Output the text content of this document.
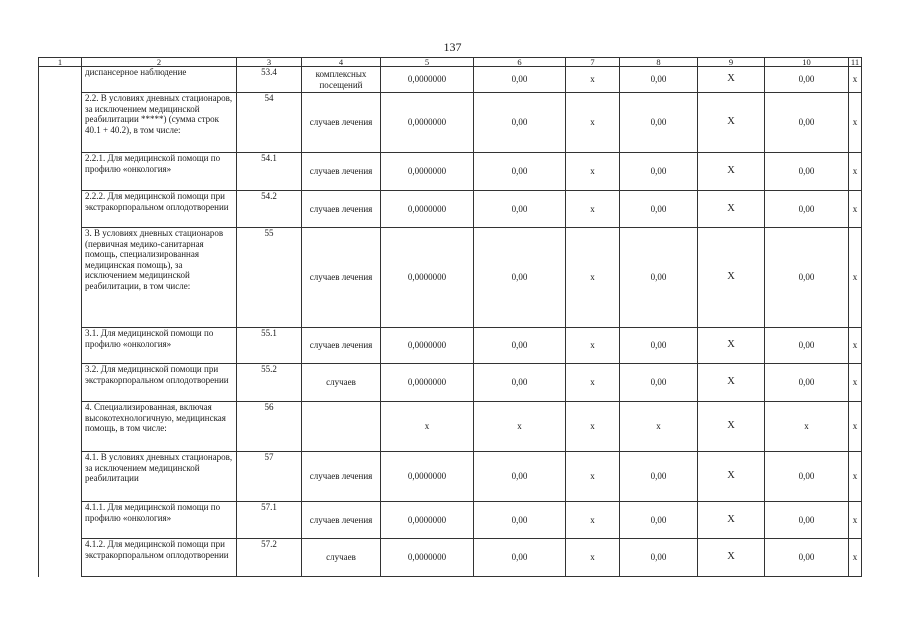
137
1	2	3	4	5	6	7	8	9	10	11
	диспансерное наблюдение	53.4	комплексных посещений	0,0000000	0,00	х	0,00	Х	0,00	х
	2.2. В условиях дневных стационаров, за исключением медицинской реабилитации *****) (сумма строк 40.1 + 40.2), в том числе:	54	случаев лечения	0,0000000	0,00	х	0,00	Х	0,00	х
	2.2.1. Для медицинской помощи по профилю «онкология»	54.1	случаев лечения	0,0000000	0,00	х	0,00	Х	0,00	х
	2.2.2. Для медицинской помощи при экстракорпоральном оплодотворении	54.2	случаев лечения	0,0000000	0,00	х	0,00	Х	0,00	х
	3. В условиях дневных стационаров (первичная медико-санитарная помощь, специализированная медицинская помощь), за исключением медицинской реабилитации, в том числе:	55	случаев лечения	0,0000000	0,00	х	0,00	Х	0,00	х
	3.1. Для медицинской помощи по профилю «онкология»	55.1	случаев лечения	0,0000000	0,00	х	0,00	Х	0,00	х
	3.2. Для медицинской помощи при экстракорпоральном оплодотворении	55.2	случаев	0,0000000	0,00	х	0,00	Х	0,00	х
	4. Специализированная, включая высокотехнологичную, медицинская помощь, в том числе:	56		х	х	х	х	Х	х	х
	4.1. В условиях дневных стационаров, за исключением медицинской реабилитации	57	случаев лечения	0,0000000	0,00	х	0,00	Х	0,00	х
	4.1.1. Для медицинской помощи по профилю «онкология»	57.1	случаев лечения	0,0000000	0,00	х	0,00	Х	0,00	х
	4.1.2. Для медицинской помощи при экстракорпоральном оплодотворении	57.2	случаев	0,0000000	0,00	х	0,00	Х	0,00	х
